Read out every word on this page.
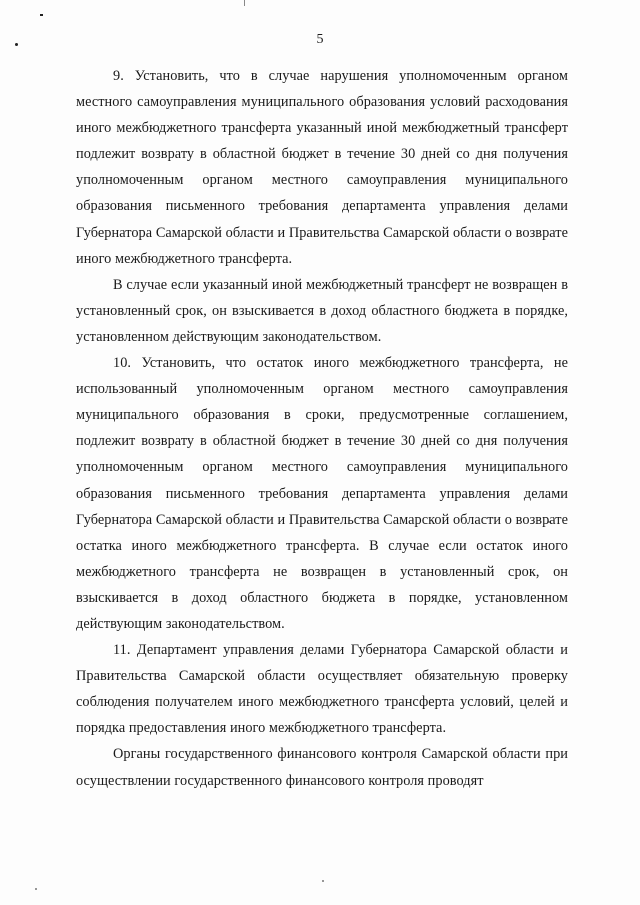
5

9. Установить, что в случае нарушения уполномоченным органом местного самоуправления муниципального образования условий расходования иного межбюджетного трансферта указанный иной межбюджетный трансферт подлежит возврату в областной бюджет в течение 30 дней со дня получения уполномоченным органом местного самоуправления муниципального образования письменного требования департамента управления делами Губернатора Самарской области и Правительства Самарской области о возврате иного межбюджетного трансферта.

В случае если указанный иной межбюджетный трансферт не возвращен в установленный срок, он взыскивается в доход областного бюджета в порядке, установленном действующим законодательством.

10. Установить, что остаток иного межбюджетного трансферта, не использованный уполномоченным органом местного самоуправления муниципального образования в сроки, предусмотренные соглашением, подлежит возврату в областной бюджет в течение 30 дней со дня получения уполномоченным органом местного самоуправления муниципального образования письменного требования департамента управления делами Губернатора Самарской области и Правительства Самарской области о возврате остатка иного межбюджетного трансферта. В случае если остаток иного межбюджетного трансферта не возвращен в установленный срок, он взыскивается в доход областного бюджета в порядке, установленном действующим законодательством.

11. Департамент управления делами Губернатора Самарской области и Правительства Самарской области осуществляет обязательную проверку соблюдения получателем иного межбюджетного трансферта условий, целей и порядка предоставления иного межбюджетного трансферта.

Органы государственного финансового контроля Самарской области при осуществлении государственного финансового контроля проводят
